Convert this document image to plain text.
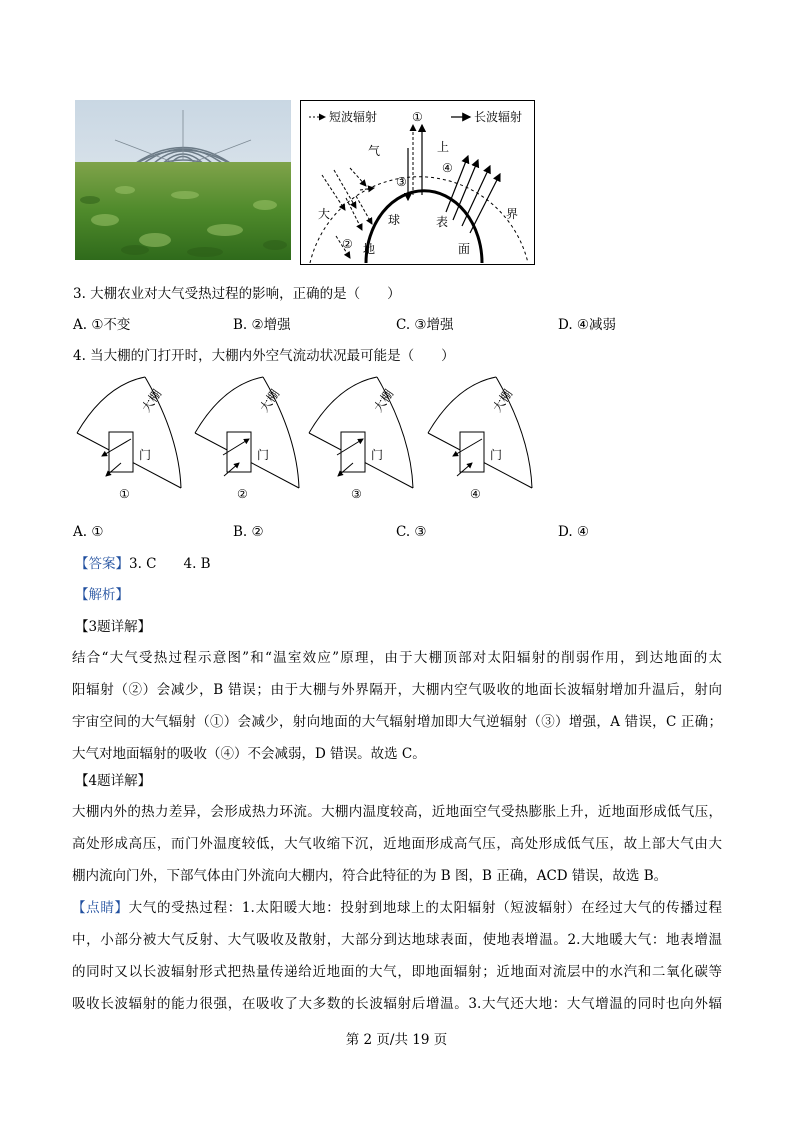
短波辐射	长波辐射
①
③
④
②
大
气	上
界
球	表
地	面
3. 大棚农业对大气受热过程的影响，正确的是（　　）
A. ①不变	B. ②增强	C. ③增强	D. ④减弱
4. 当大棚的门打开时，大棚内外空气流动状况最可能是（　　）
大棚
门
①
大棚
门
②
大棚
门
③
大棚
门
④
A. ①	B. ②	C. ③	D. ④
【答案】3. C　　4. B
【解析】
【3题详解】
结合“大气受热过程示意图”和“温室效应”原理，由于大棚顶部对太阳辐射的削弱作用，到达地面的太
阳辐射（②）会减少，B 错误；由于大棚与外界隔开，大棚内空气吸收的地面长波辐射增加升温后，射向
宇宙空间的大气辐射（①）会减少，射向地面的大气辐射增加即大气逆辐射（③）增强，A 错误，C 正确；
大气对地面辐射的吸收（④）不会减弱，D 错误。故选 C。
【4题详解】
大棚内外的热力差异，会形成热力环流。大棚内温度较高，近地面空气受热膨胀上升，近地面形成低气压，
高处形成高压，而门外温度较低，大气收缩下沉，近地面形成高气压，高处形成低气压，故上部大气由大
棚内流向门外，下部气体由门外流向大棚内，符合此特征的为 B 图，B 正确，ACD 错误，故选 B。
【点睛】大气的受热过程：1.太阳暖大地：投射到地球上的太阳辐射（短波辐射）在经过大气的传播过程
中，小部分被大气反射、大气吸收及散射，大部分到达地球表面，使地表增温。2.大地暖大气：地表增温
的同时又以长波辐射形式把热量传递给近地面的大气，即地面辐射；近地面对流层中的水汽和二氧化碳等
吸收长波辐射的能力很强，在吸收了大多数的长波辐射后增温。3.大气还大地：大气增温的同时也向外辐
第 2 页/共 19 页
